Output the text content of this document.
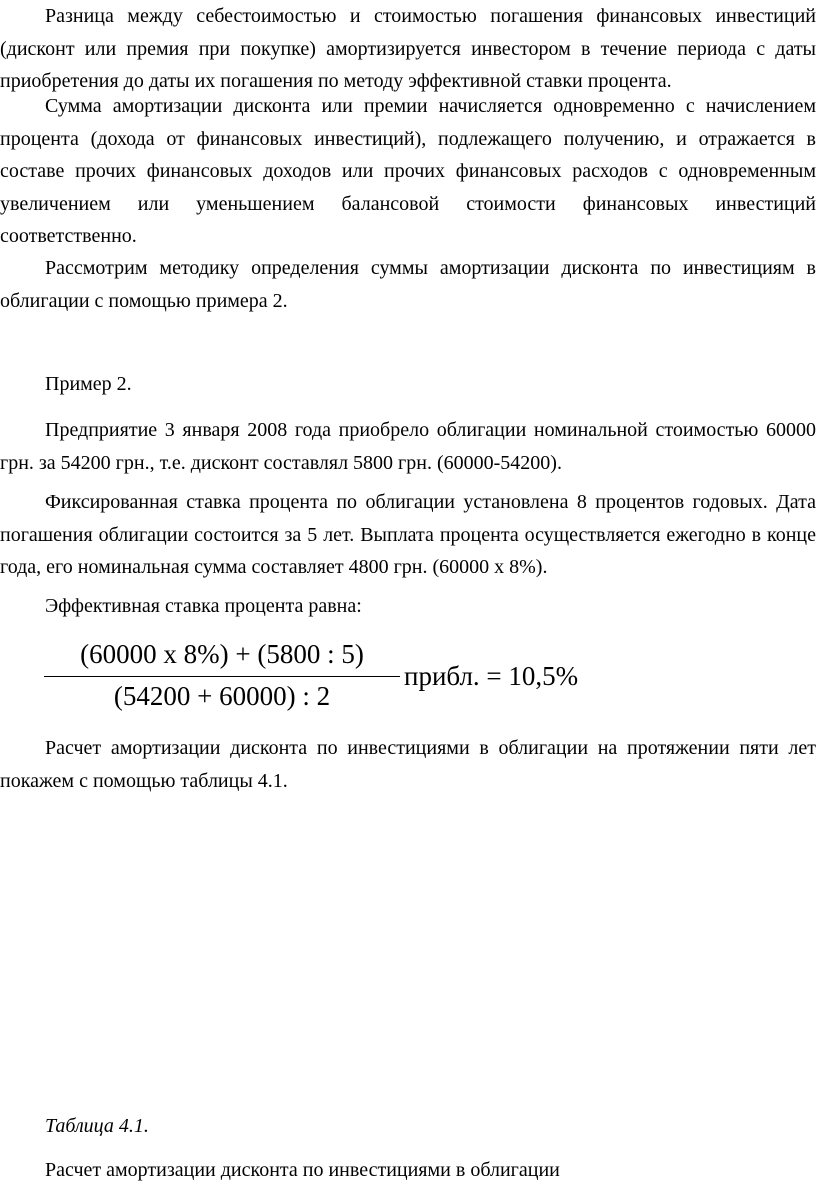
Разница между себестоимостью и стоимостью погашения финансовых инвестиций (дисконт или премия при покупке) амортизируется инвестором в течение периода с даты приобретения до даты их погашения по методу эффективной ставки процента.

Сумма амортизации дисконта или премии начисляется одновременно с начислением процента (дохода от финансовых инвестиций), подлежащего получению, и отражается в составе прочих финансовых доходов или прочих финансовых расходов с одновременным увеличением или уменьшением балансовой стоимости финансовых инвестиций соответственно.

Рассмотрим методику определения суммы амортизации дисконта по инвестициям в облигации с помощью примера 2.

Пример 2.

Предприятие 3 января 2008 года приобрело облигации номинальной стоимостью 60000 грн. за 54200 грн., т.е. дисконт составлял 5800 грн. (60000-54200).

Фиксированная ставка процента по облигации установлена 8 процентов годовых. Дата погашения облигации состоится за 5 лет. Выплата процента осуществляется ежегодно в конце года, его номинальная сумма составляет 4800 грн. (60000 х 8%).

Эффективная ставка процента равна:

(60000 х 8%) + (5800 : 5)
(54200 + 60000) : 2
прибл. = 10,5%

Расчет амортизации дисконта по инвестициями в облигации на протяжении пяти лет покажем с помощью таблицы 4.1.

Таблица 4.1.

Расчет амортизации дисконта по инвестициями в облигации
